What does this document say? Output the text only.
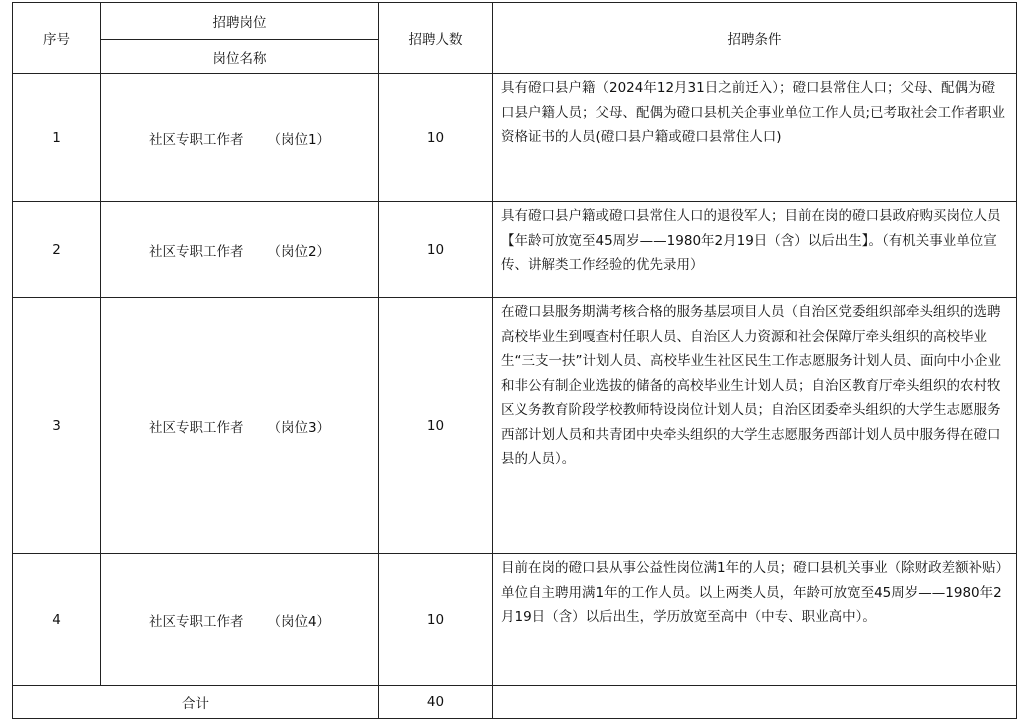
序号	招聘岗位	招聘人数	招聘条件
	岗位名称		
1	社区专职工作者 （岗位1）	10	具有磴口县户籍（2024年12月31日之前迁入）；磴口县常住人口；父母、配偶为磴口县户籍人员；父母、配偶为磴口县机关企事业单位工作人员;已考取社会工作者职业资格证书的人员(磴口县户籍或磴口县常住人口)
2	社区专职工作者 （岗位2）	10	具有磴口县户籍或磴口县常住人口的退役军人；目前在岗的磴口县政府购买岗位人员【年龄可放宽至45周岁——1980年2月19日（含）以后出生】。（有机关事业单位宣传、讲解类工作经验的优先录用）
3	社区专职工作者 （岗位3）	10	在磴口县服务期满考核合格的服务基层项目人员（自治区党委组织部牵头组织的选聘高校毕业生到嘎查村任职人员、自治区人力资源和社会保障厅牵头组织的高校毕业生“三支一扶”计划人员、高校毕业生社区民生工作志愿服务计划人员、面向中小企业和非公有制企业选拔的储备的高校毕业生计划人员；自治区教育厅牵头组织的农村牧区义务教育阶段学校教师特设岗位计划人员；自治区团委牵头组织的大学生志愿服务西部计划人员和共青团中央牵头组织的大学生志愿服务西部计划人员中服务得在磴口县的人员）。
4	社区专职工作者 （岗位4）	10	目前在岗的磴口县从事公益性岗位满1年的人员；磴口县机关事业（除财政差额补贴）单位自主聘用满1年的工作人员。以上两类人员，年龄可放宽至45周岁——1980年2月19日（含）以后出生，学历放宽至高中（中专、职业高中）。
合计		40	
